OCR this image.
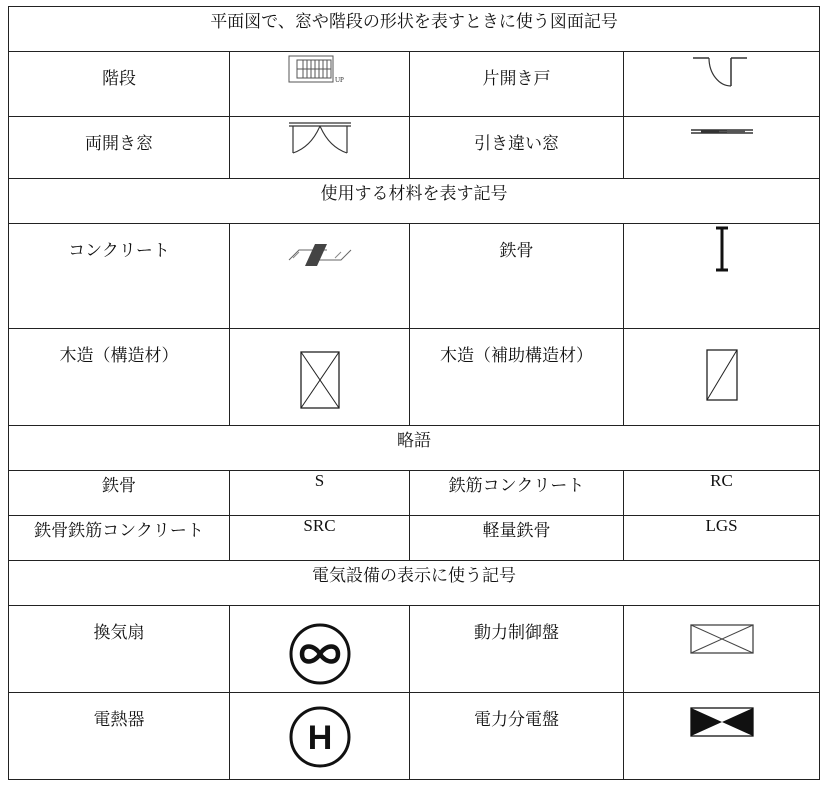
平面図で、窓や階段の形状を表すときに使う図面記号			
階段	UP	片開き戸	

両開き窓		引き違い窓	

使用する材料を表す記号			
コンクリート		鉄骨	

木造（構造材）		木造（補助構造材）	

略語			
鉄骨	S	鉄筋コンクリート	RC
鉄骨鉄筋コンクリート	SRC	軽量鉄骨	LGS
電気設備の表示に使う記号			
換気扇		動力制御盤	

電熱器	H	電力分電盤	
